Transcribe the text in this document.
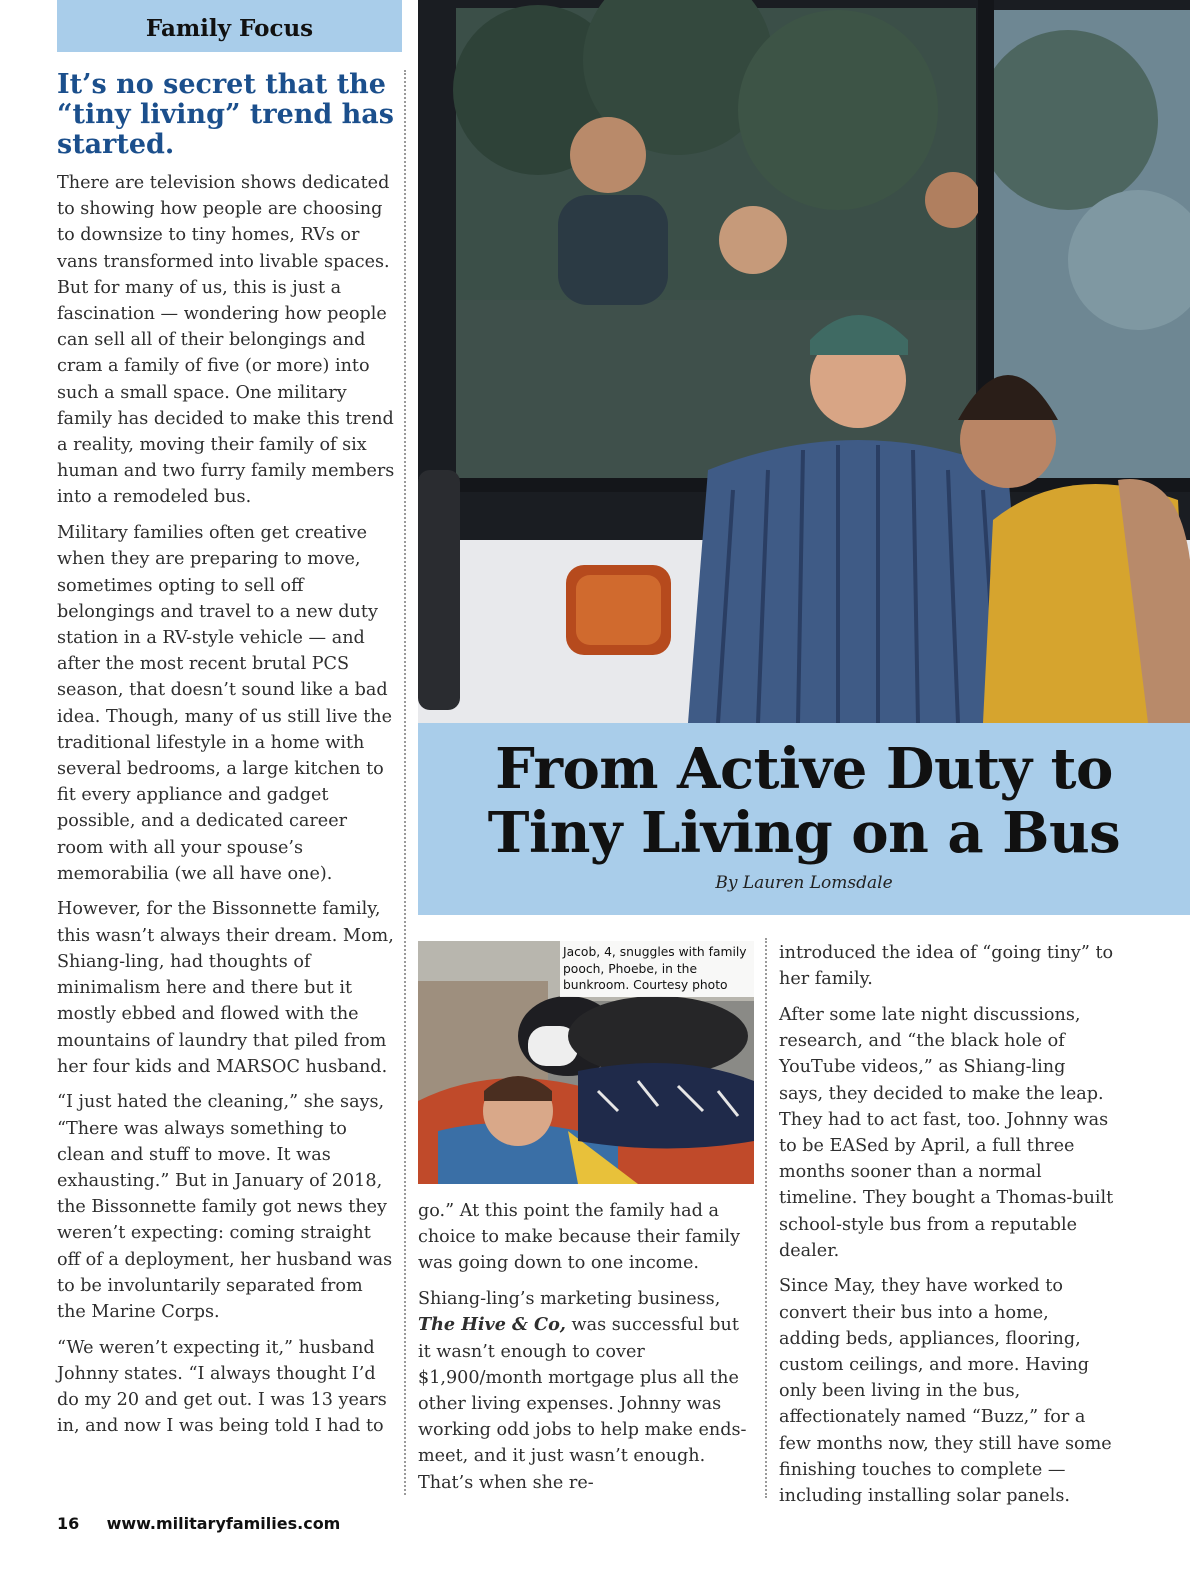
Family Focus
It’s no secret that the “tiny living” trend has started.

There are television shows dedicated to showing how people are choosing to downsize to tiny homes, RVs or vans transformed into livable spaces. But for many of us, this is just a fascination — wondering how people can sell all of their belongings and cram a family of five (or more) into such a small space. One military family has decided to make this trend a reality, moving their family of six human and two furry family members into a remodeled bus.

Military families often get creative when they are preparing to move, sometimes opting to sell off belongings and travel to a new duty station in a RV-style vehicle — and after the most recent brutal PCS season, that doesn’t sound like a bad idea. Though, many of us still live the traditional lifestyle in a home with several bedrooms, a large kitchen to fit every appliance and gadget possible, and a dedicated career room with all your spouse’s memorabilia (we all have one).

However, for the Bissonnette family, this wasn’t always their dream. Mom, Shiang-ling, had thoughts of minimalism here and there but it mostly ebbed and flowed with the mountains of laundry that piled from her four kids and MARSOC husband.

“I just hated the cleaning,” she says, “There was always something to clean and stuff to move. It was exhausting.” But in January of 2018, the Bissonnette family got news they weren’t expecting: coming straight off of a deployment, her husband was to be involuntarily separated from the Marine Corps.

“We weren’t expecting it,” husband Johnny states. “I always thought I’d do my 20 and get out. I was 13 years in, and now I was being told I had to

From Active Duty to
Tiny Living on a Bus
By Lauren Lomsdale
Jacob, 4, snuggles with family pooch, Phoebe, in the bunkroom. Courtesy photo

go.” At this point the family had a choice to make because their family was going down to one income.

Shiang-ling’s marketing business, The Hive & Co, was successful but it wasn’t enough to cover $1,900/month mortgage plus all the other living expenses. Johnny was working odd jobs to help make ends-meet, and it just wasn’t enough. That’s when she re-

introduced the idea of “going tiny” to her family.

After some late night discussions, research, and “the black hole of YouTube videos,” as Shiang-ling says, they decided to make the leap. They had to act fast, too. Johnny was to be EASed by April, a full three months sooner than a normal timeline. They bought a Thomas-built school-style bus from a reputable dealer.

Since May, they have worked to convert their bus into a home, adding beds, appliances, flooring, custom ceilings, and more. Having only been living in the bus, affectionately named “Buzz,” for a few months now, they still have some finishing touches to complete — including installing solar panels.

16 www.militaryfamilies.com
